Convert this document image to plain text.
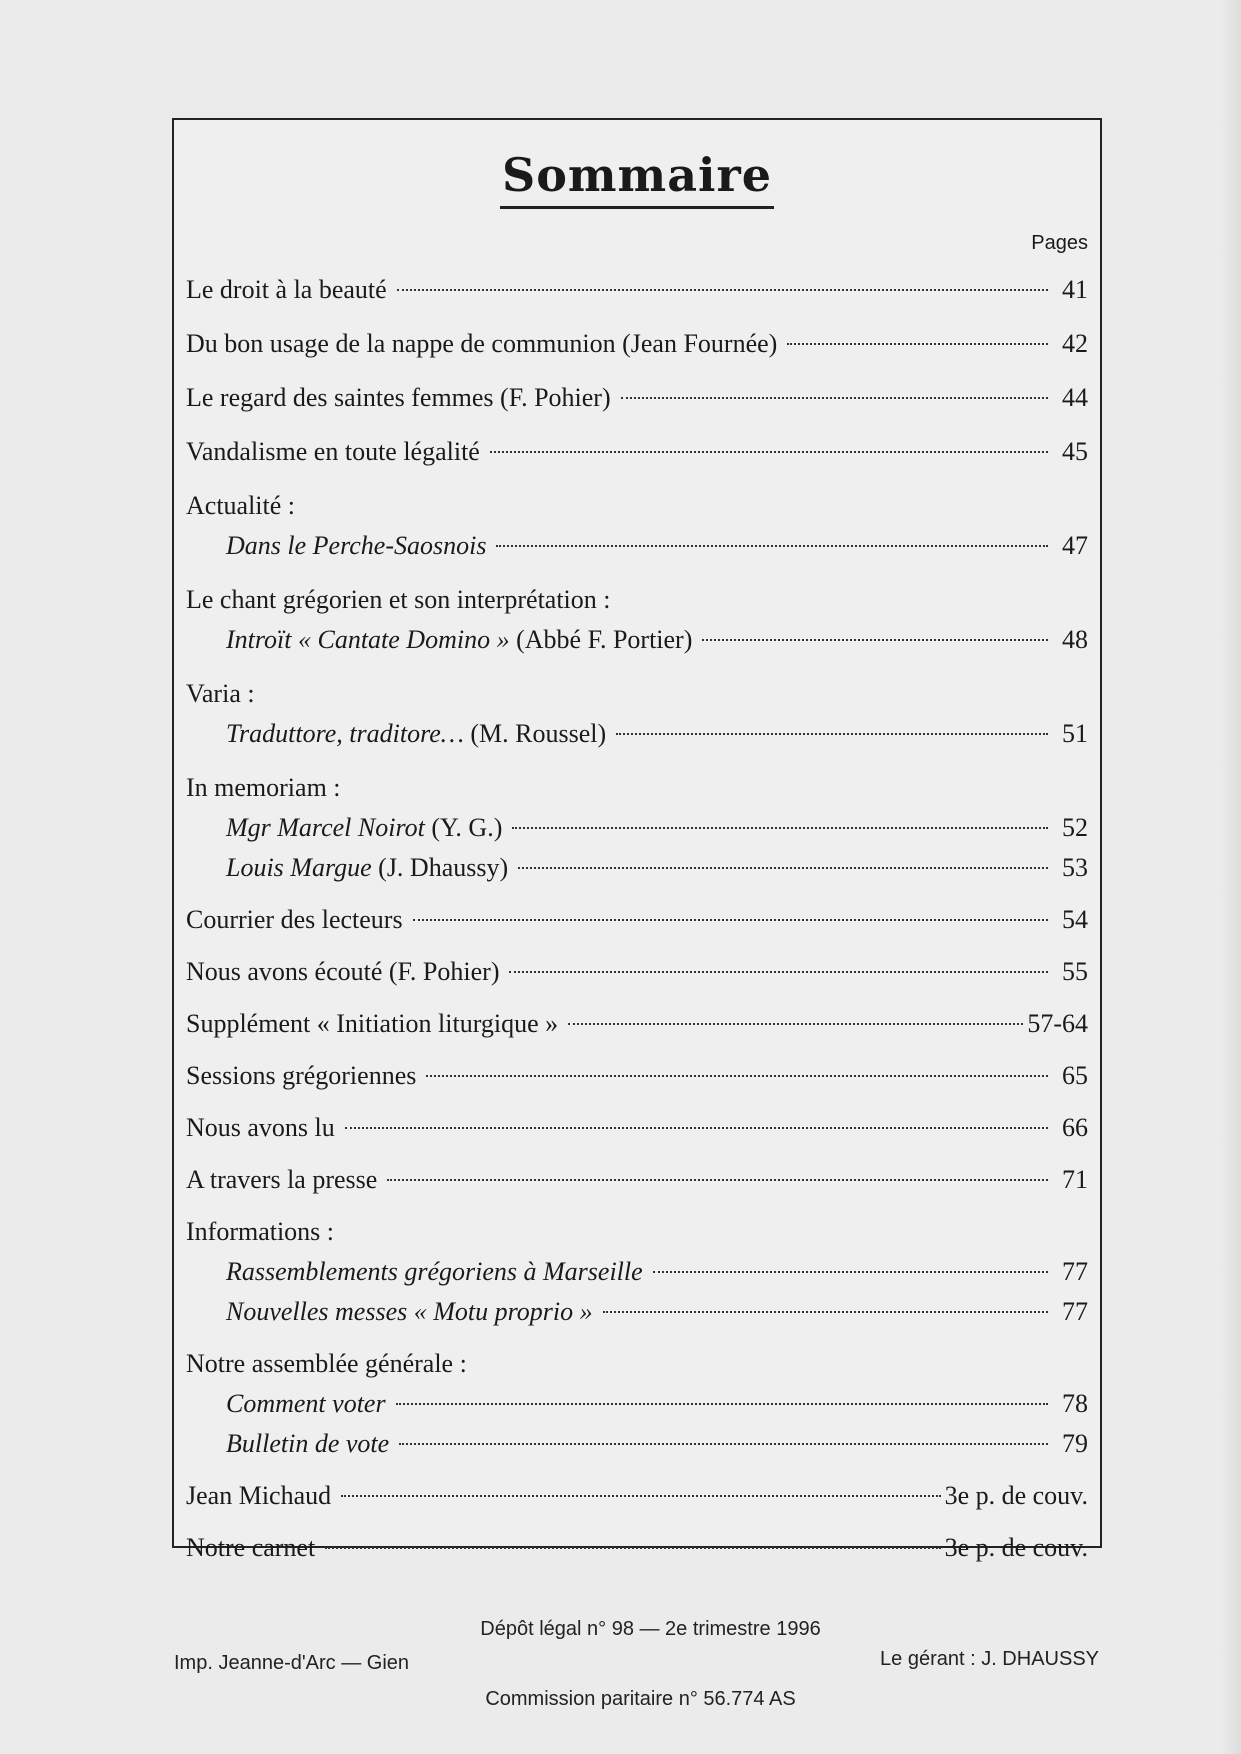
Sommaire
Pages
Le droit à la beauté	41
Du bon usage de la nappe de communion (Jean Fournée)	42
Le regard des saintes femmes (F. Pohier)	44
Vandalisme en toute légalité	45
Actualité :
Dans le Perche-Saosnois	47
Le chant grégorien et son interprétation :
Introït « Cantate Domino » (Abbé F. Portier)	48
Varia :
Traduttore, traditore… (M. Roussel)	51
In memoriam :
Mgr Marcel Noirot (Y. G.)	52
Louis Margue (J. Dhaussy)	53
Courrier des lecteurs	54
Nous avons écouté (F. Pohier)	55
Supplément « Initiation liturgique »	57-64
Sessions grégoriennes	65
Nous avons lu	66
A travers la presse	71
Informations :
Rassemblements grégoriens à Marseille	77
Nouvelles messes « Motu proprio »	77
Notre assemblée générale :
Comment voter	78
Bulletin de vote	79
Jean Michaud	3e p. de couv.
Notre carnet	3e p. de couv.
Dépôt légal n° 98 — 2e trimestre 1996
Imp. Jeanne-d'Arc — Gien	Le gérant : J. DHAUSSY
Commission paritaire n° 56.774 AS
